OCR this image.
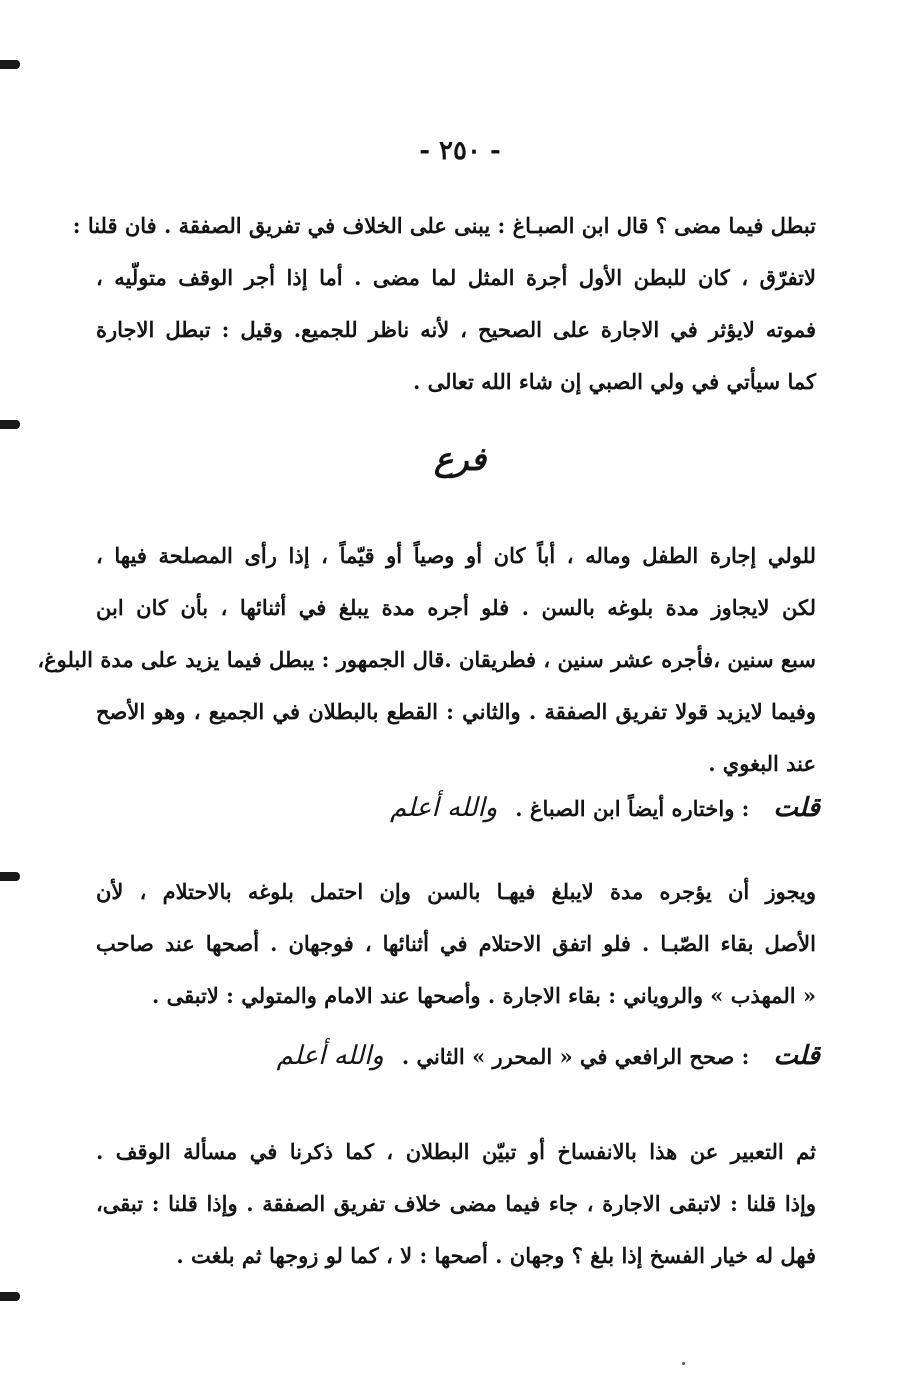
- ٢٥٠ -
تبطل فيما مضى ؟ قال ابن الصبـاغ : يبنى على الخلاف في تفريق الصفقة . فان قلنا :
لاتفرّق ، كان للبطن الأول أجرة المثل لما مضى . أما إذا أجر الوقف متولّيه ،
فموته لايؤثر في الاجارة على الصحيح ، لأنه ناظر للجميع. وقيل : تبطل الاجارة
كما سيأتي في ولي الصبي إن شاء الله تعالى .
فرع
للولي إجارة الطفل وماله ، أباً كان أو وصياً أو قيّماً ، إذا رأى المصلحة فيها ،
لكن لايجاوز مدة بلوغه بالسن . فلو أجره مدة يبلغ في أثنائها ، بأن كان ابن
سبع سنين ،فأجره عشر سنين ، فطريقان .قال الجمهور : يبطل فيما يزيد على مدة البلوغ،
وفيما لايزيد قولا تفريق الصفقة . والثاني : القطع بالبطلان في الجميع ، وهو الأصح
عند البغوي .
قلت
: واختاره أيضاً ابن الصباغ .
والله أعلم
ويجوز أن يؤجره مدة لايبلغ فيهـا بالسن وإن احتمل بلوغه بالاحتلام ، لأن
الأصل بقاء الصّبـا . فلو اتفق الاحتلام في أثنائها ، فوجهان . أصحها عند صاحب
« المهذب » والروياني : بقاء الاجارة . وأصحها عند الامام والمتولي : لاتبقى .
قلت
: صحح الرافعي في « المحرر » الثاني .
والله أعلم
ثم التعبير عن هذا بالانفساخ أو تبيّن البطلان ، كما ذكرنا في مسألة الوقف .
وإذا قلنا : لاتبقى الاجارة ، جاء فيما مضى خلاف تفريق الصفقة . وإذا قلنا : تبقى،
فهل له خيار الفسخ إذا بلغ ؟ وجهان . أصحها : لا ، كما لو زوجها ثم بلغت .
